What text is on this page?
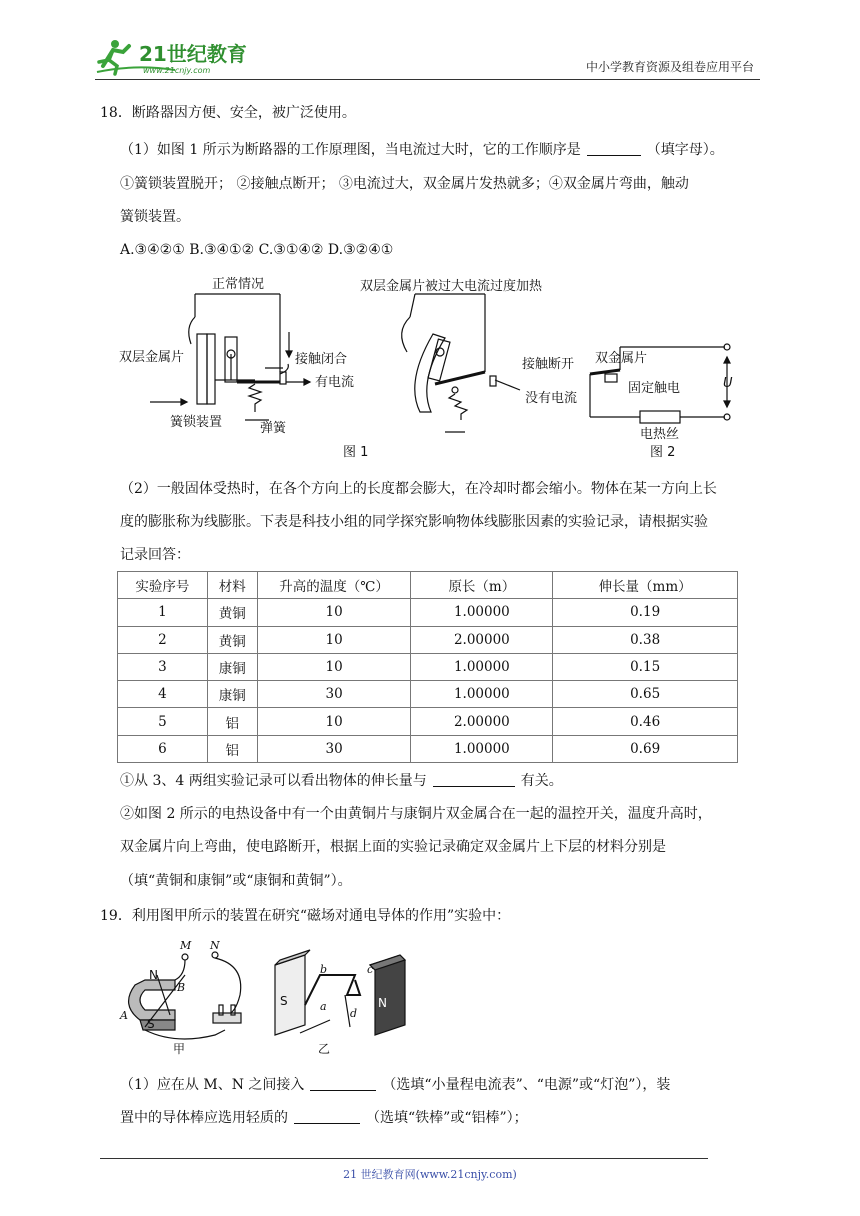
21世纪教育
www.21cnjy.com	中小学教育资源及组卷应用平台
18．断路器因方便、安全，被广泛使用。
（1）如图 1 所示为断路器的工作原理图，当电流过大时，它的工作顺序是	（填字母）。
①簧锁装置脱开； ②接触点断开； ③电流过大，双金属片发热就多；④双金属片弯曲，触动
簧锁装置。
A.③④②① B.③④①② C.③①④② D.③②④①
正常情况	双层金属片被过大电流过度加热
双层金属片	接触闭合
有电流
簧锁装置	弹簧
接触断开
没有电流
图 1
双金属片
固定触电	U
电热丝
图 2
（2）一般固体受热时，在各个方向上的长度都会膨大，在冷却时都会缩小。物体在某一方向上长
度的膨胀称为线膨胀。下表是科技小组的同学探究影响物体线膨胀因素的实验记录，请根据实验
记录回答：
实验序号	材料	升高的温度（℃）	原长（m）	伸长量（mm）
1	黄铜	10	1.00000	0.19
2	黄铜	10	2.00000	0.38
3	康铜	10	1.00000	0.15
4	康铜	30	1.00000	0.65
5	铝	10	2.00000	0.46
6	铝	30	1.00000	0.69
①从 3、4 两组实验记录可以看出物体的伸长量与	有关。
②如图 2 所示的电热设备中有一个由黄铜片与康铜片双金属合在一起的温控开关，温度升高时，
双金属片向上弯曲，使电路断开，根据上面的实验记录确定双金属片上下层的材料分别是
（填“黄铜和康铜”或“康铜和黄铜”）。
19．利用图甲所示的装置在研究“磁场对通电导体的作用”实验中：
M N
B
A
b	c
a
d
N
S
S	N
甲	乙
（1）应在从 M、N 之间接入	（选填“小量程电流表”、“电源”或“灯泡”），装
置中的导体棒应选用轻质的	（选填“铁棒”或“铝棒”）；
21 世纪教育网(www.21cnjy.com)
